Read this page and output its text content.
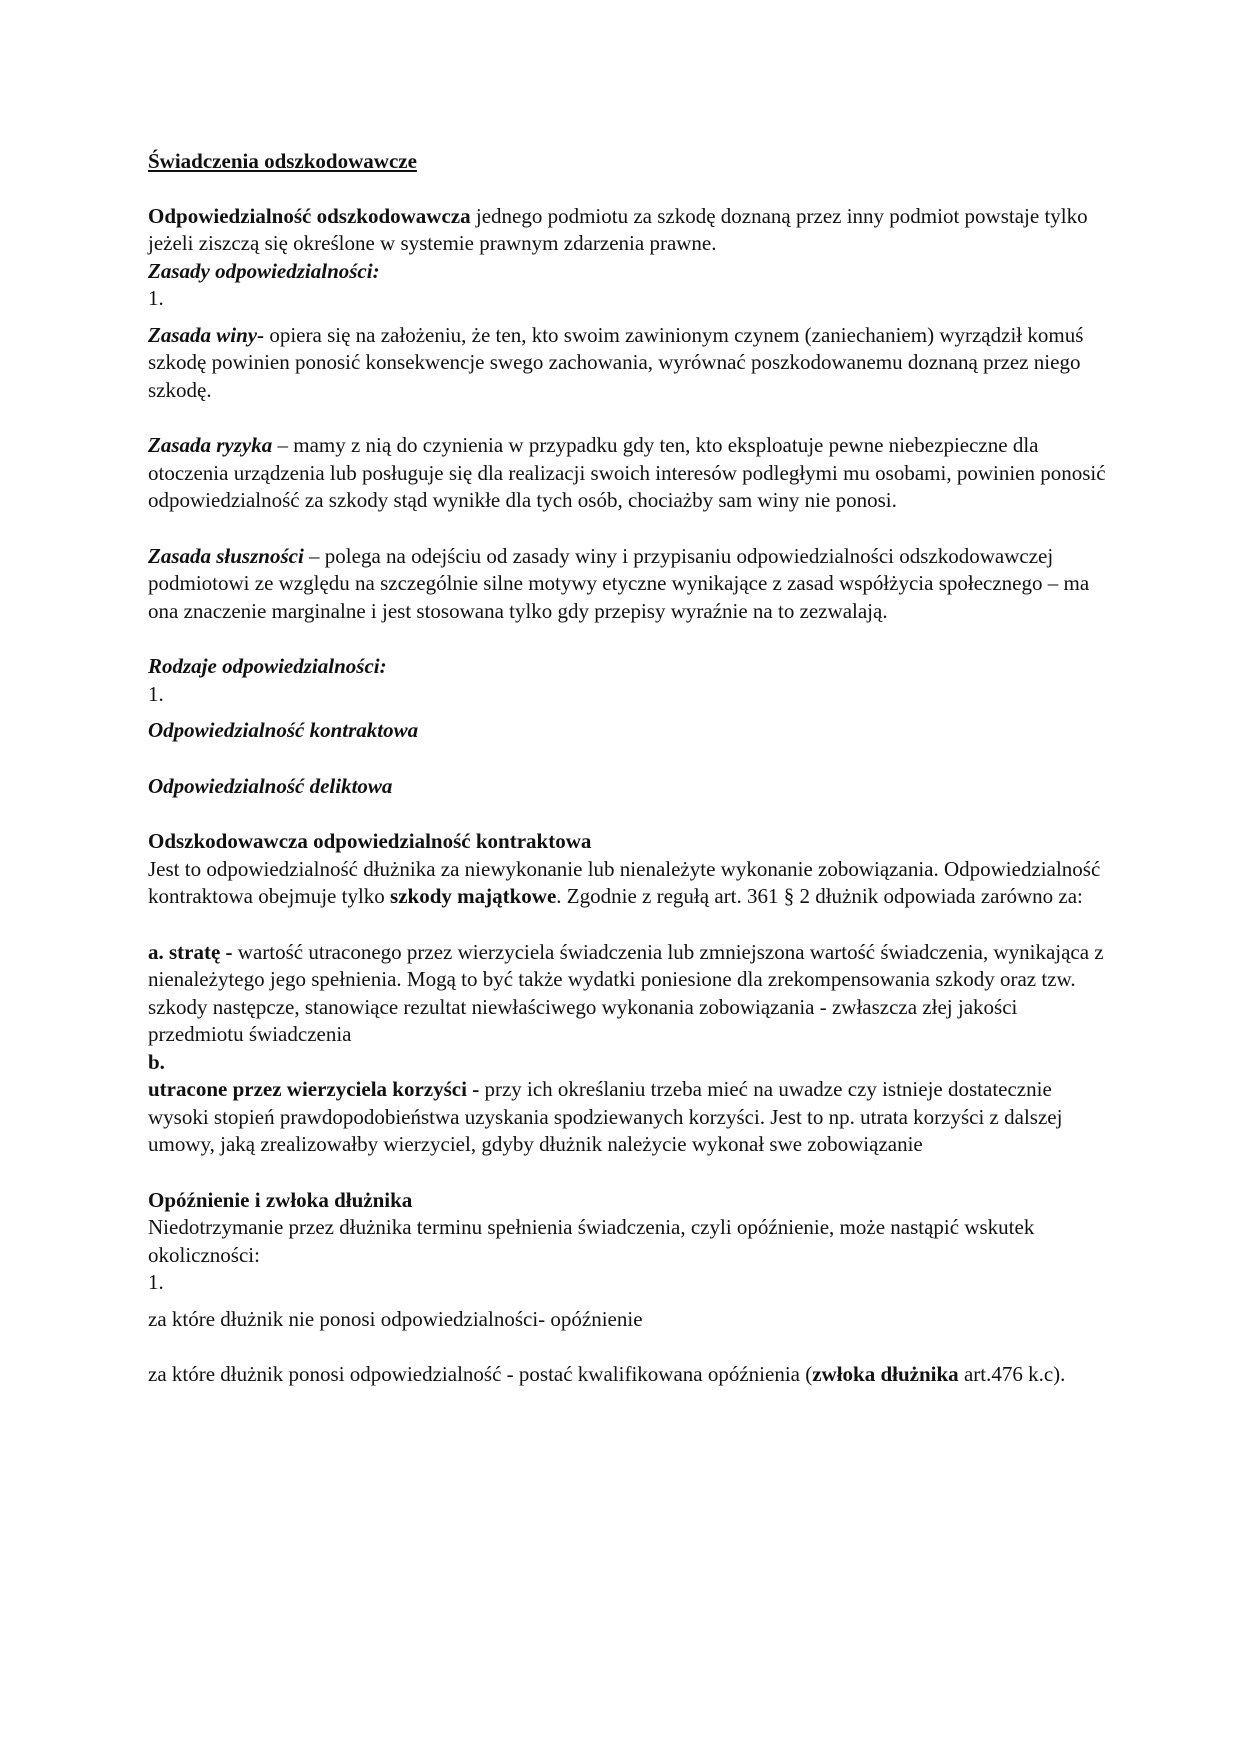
Świadczenia odszkodowawcze

Odpowiedzialność odszkodowawcza jednego podmiotu za szkodę doznaną przez inny podmiot powstaje tylko jeżeli ziszczą się określone w systemie prawnym zdarzenia prawne.

Zasady odpowiedzialności:

1.

Zasada winy- opiera się na założeniu, że ten, kto swoim zawinionym czynem (zaniechaniem) wyrządził komuś szkodę powinien ponosić konsekwencje swego zachowania, wyrównać poszkodowanemu doznaną przez niego szkodę.

Zasada ryzyka – mamy z nią do czynienia w przypadku gdy ten, kto eksploatuje pewne niebezpieczne dla otoczenia urządzenia lub posługuje się dla realizacji swoich interesów podległymi mu osobami, powinien ponosić odpowiedzialność za szkody stąd wynikłe dla tych osób, chociażby sam winy nie ponosi.

Zasada słuszności – polega na odejściu od zasady winy i przypisaniu odpowiedzialności odszkodowawczej podmiotowi ze względu na szczególnie silne motywy etyczne wynikające z zasad współżycia społecznego – ma ona znaczenie marginalne i jest stosowana tylko gdy przepisy wyraźnie na to zezwalają.

Rodzaje odpowiedzialności:

1.

Odpowiedzialność kontraktowa

Odpowiedzialność deliktowa

Odszkodowawcza odpowiedzialność kontraktowa

Jest to odpowiedzialność dłużnika za niewykonanie lub nienależyte wykonanie zobowiązania. Odpowiedzialność kontraktowa obejmuje tylko szkody majątkowe. Zgodnie z regułą art. 361 § 2 dłużnik odpowiada zarówno za:

a. stratę - wartość utraconego przez wierzyciela świadczenia lub zmniejszona wartość świadczenia, wynikająca z nienależytego jego spełnienia. Mogą to być także wydatki poniesione dla zrekompensowania szkody oraz tzw. szkody następcze, stanowiące rezultat niewłaściwego wykonania zobowiązania - zwłaszcza złej jakości przedmiotu świadczenia

b.

utracone przez wierzyciela korzyści - przy ich określaniu trzeba mieć na uwadze czy istnieje dostatecznie wysoki stopień prawdopodobieństwa uzyskania spodziewanych korzyści. Jest to np. utrata korzyści z dalszej umowy, jaką zrealizowałby wierzyciel, gdyby dłużnik należycie wykonał swe zobowiązanie

Opóźnienie i zwłoka dłużnika

Niedotrzymanie przez dłużnika terminu spełnienia świadczenia, czyli opóźnienie, może nastąpić wskutek okoliczności:

1.

za które dłużnik nie ponosi odpowiedzialności- opóźnienie

za które dłużnik ponosi odpowiedzialność - postać kwalifikowana opóźnienia (zwłoka dłużnika art.476 k.c).
